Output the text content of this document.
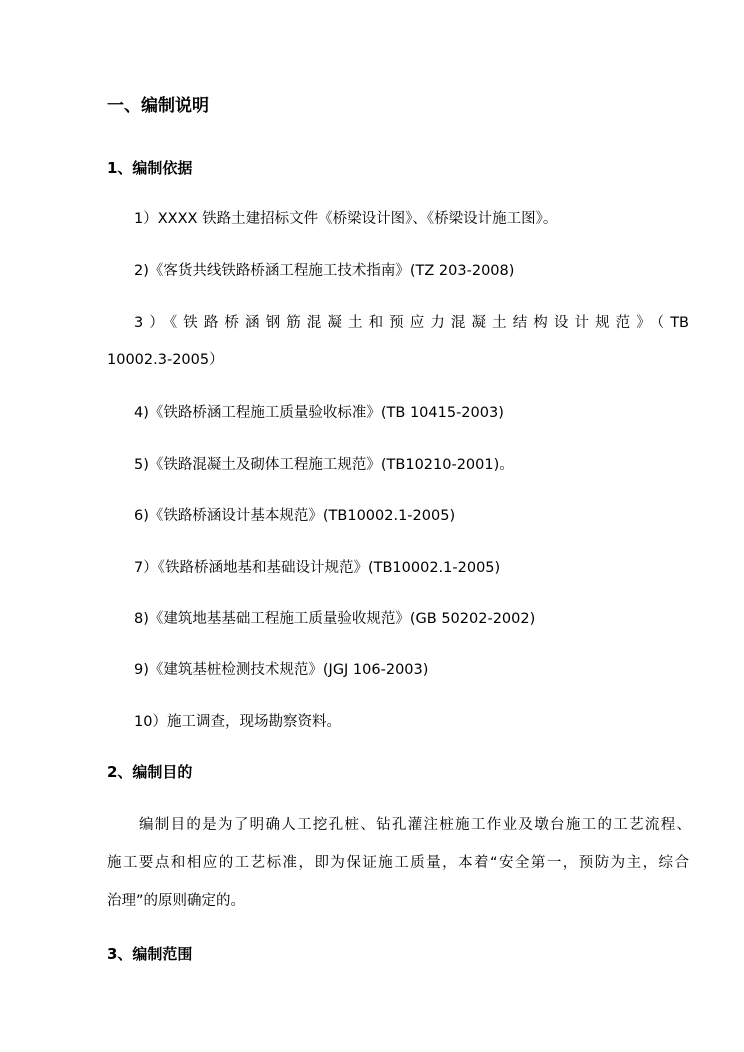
一、编制说明
1、编制依据
1）XXXX 铁路土建招标文件《桥梁设计图》、《桥梁设计施工图》。
2)《客货共线铁路桥涵工程施工技术指南》(TZ 203-2008)
3）《铁路桥涵钢筋混凝土和预应力混凝土结构设计规范》（TB
10002.3-2005）
4)《铁路桥涵工程施工质量验收标准》(TB 10415-2003)
5)《铁路混凝土及砌体工程施工规范》(TB10210-2001)。
6)《铁路桥涵设计基本规范》(TB10002.1-2005)
7）《铁路桥涵地基和基础设计规范》(TB10002.1-2005)
8)《建筑地基基础工程施工质量验收规范》(GB 50202-2002)
9)《建筑基桩检测技术规范》(JGJ 106-2003)
10）施工调查，现场勘察资料。
2、编制目的
编制目的是为了明确人工挖孔桩、钻孔灌注桩施工作业及墩台施工的工艺流程、
施工要点和相应的工艺标准，即为保证施工质量，本着“安全第一，预防为主，综合
治理”的原则确定的。
3、编制范围
